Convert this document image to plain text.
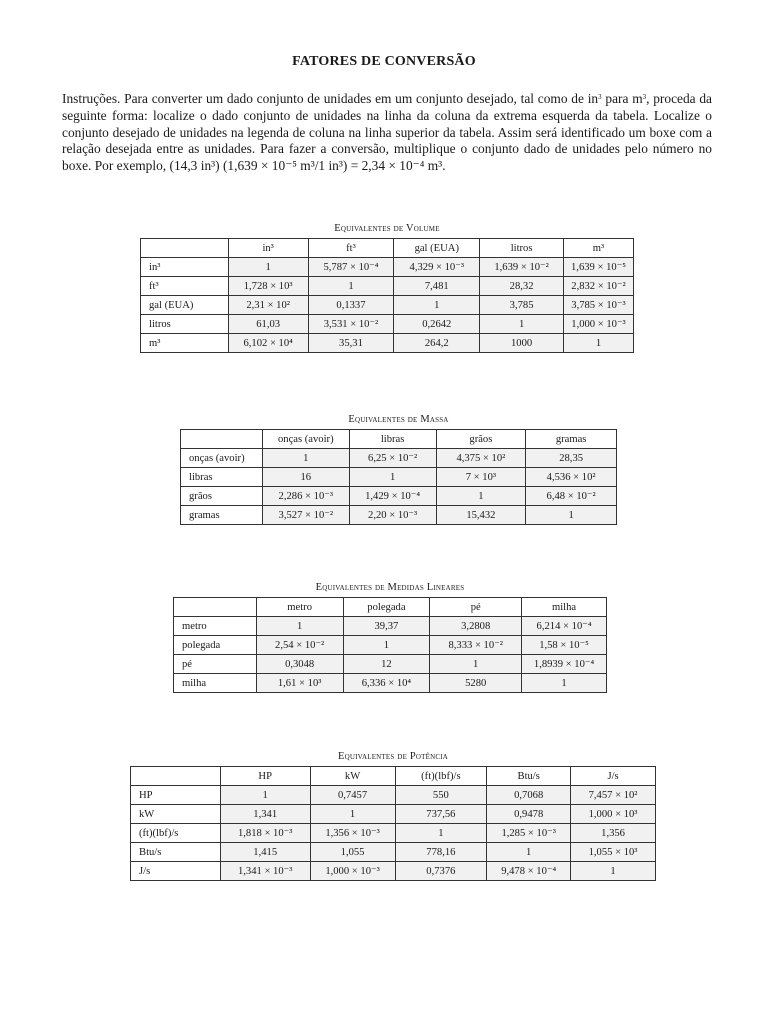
FATORES DE CONVERSÃO

Instruções. Para converter um dado conjunto de unidades em um conjunto desejado, tal como de $in^3$ para $m^3$, proceda da seguinte forma: localize o dado conjunto de unidades na linha da coluna da extrema esquerda da tabela. Localize o conjunto desejado de unidades na legenda de coluna na linha superior da tabela. Assim será identificado um boxe com a relação desejada entre as unidades. Para fazer a conversão, multiplique o conjunto dado de unidades pelo número no boxe. Por exemplo, (14,3 in³) (1,639 × 10⁻⁵ m³/1 in³) = 2,34 × 10⁻⁴ m³.

Equivalentes de Volume
	in³	ft³	gal (EUA)	litros	m³
in³	1	5,787 × 10⁻⁴	4,329 × 10⁻³	1,639 × 10⁻²	1,639 × 10⁻⁵
ft³	1,728 × 10³	1	7,481	28,32	2,832 × 10⁻²
gal (EUA)	2,31 × 10²	0,1337	1	3,785	3,785 × 10⁻³
litros	61,03	3,531 × 10⁻²	0,2642	1	1,000 × 10⁻³
m³	6,102 × 10⁴	35,31	264,2	1000	1
Equivalentes de Massa
	onças (avoir)	libras	grãos	gramas
onças (avoir)	1	6,25 × 10⁻²	4,375 × 10²	28,35
libras	16	1	7 × 10³	4,536 × 10²
grãos	2,286 × 10⁻³	1,429 × 10⁻⁴	1	6,48 × 10⁻²
gramas	3,527 × 10⁻²	2,20 × 10⁻³	15,432	1
Equivalentes de Medidas Lineares
	metro	polegada	pé	milha
metro	1	39,37	3,2808	6,214 × 10⁻⁴
polegada	2,54 × 10⁻²	1	8,333 × 10⁻²	1,58 × 10⁻⁵
pé	0,3048	12	1	1,8939 × 10⁻⁴
milha	1,61 × 10³	6,336 × 10⁴	5280	1
Equivalentes de Potência
	HP	kW	(ft)(lbf)/s	Btu/s	J/s
HP	1	0,7457	550	0,7068	7,457 × 10²
kW	1,341	1	737,56	0,9478	1,000 × 10³
(ft)(lbf)/s	1,818 × 10⁻³	1,356 × 10⁻³	1	1,285 × 10⁻³	1,356
Btu/s	1,415	1,055	778,16	1	1,055 × 10³
J/s	1,341 × 10⁻³	1,000 × 10⁻³	0,7376	9,478 × 10⁻⁴	1
